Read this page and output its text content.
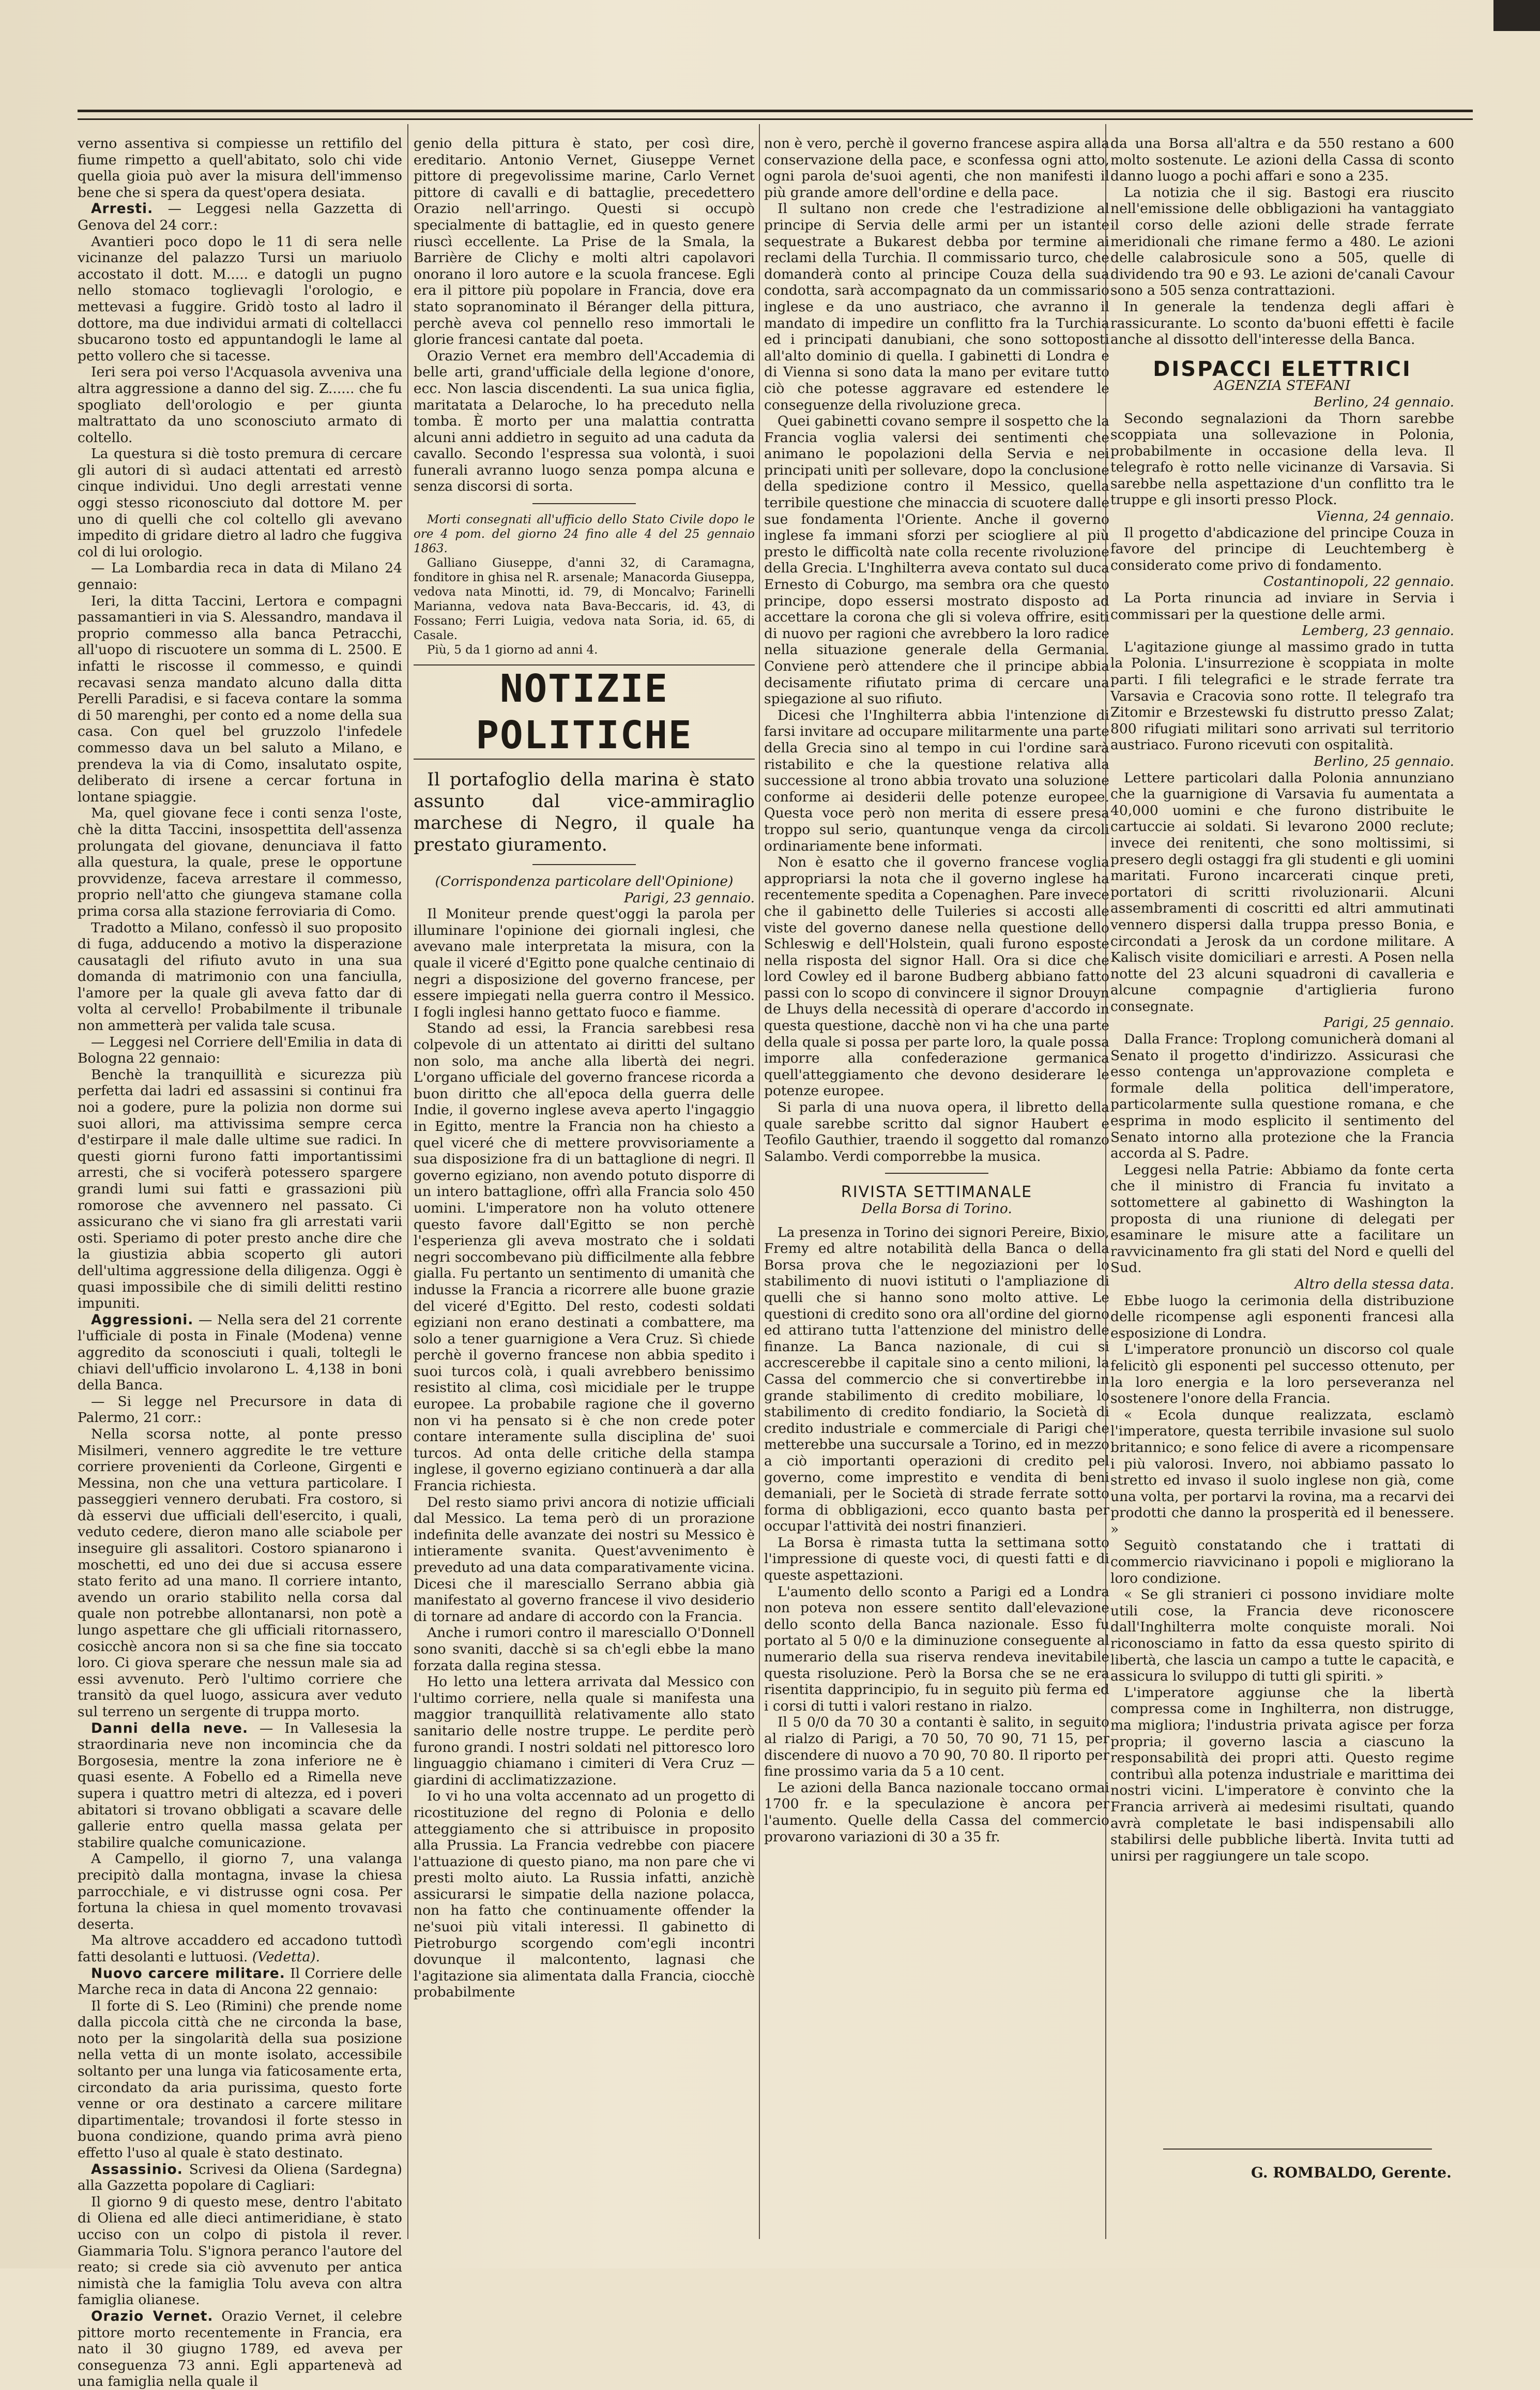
verno assentiva si compiesse un rettifilo del fiume rimpetto a quell'abitato, solo chi vide quella gioia può aver la misura dell'immenso bene che si spera da quest'opera desiata.

Arresti. — Leggesi nella Gazzetta di Genova del 24 corr.:

Avantieri poco dopo le 11 di sera nelle vicinanze del palazzo Tursi un mariuolo accostato il dott. M..... e datogli un pugno nello stomaco toglievagli l'orologio, e mettevasi a fuggire. Gridò tosto al ladro il dottore, ma due individui armati di coltellacci sbucarono tosto ed appuntandogli le lame al petto vollero che si tacesse.

Ieri sera poi verso l'Acquasola avveniva una altra aggressione a danno del sig. Z...... che fu spogliato dell'orologio e per giunta maltrattato da uno sconosciuto armato di coltello.

La questura si diè tosto premura di cercare gli autori di sì audaci attentati ed arrestò cinque individui. Uno degli arrestati venne oggi stesso riconosciuto dal dottore M. per uno di quelli che col coltello gli avevano impedito di gridare dietro al ladro che fuggiva col di lui orologio.

— La Lombardia reca in data di Milano 24 gennaio:

Ieri, la ditta Taccini, Lertora e compagni passamantieri in via S. Alessandro, mandava il proprio commesso alla banca Petracchi, all'uopo di riscuotere un somma di L. 2500. E infatti le riscosse il commesso, e quindi recavasi senza mandato alcuno dalla ditta Perelli Paradisi, e si faceva contare la somma di 50 marenghi, per conto ed a nome della sua casa. Con quel bel gruzzolo l'infedele commesso dava un bel saluto a Milano, e prendeva la via di Como, insalutato ospite, deliberato di irsene a cercar fortuna in lontane spiaggie.

Ma, quel giovane fece i conti senza l'oste, chè la ditta Taccini, insospettita dell'assenza prolungata del giovane, denunciava il fatto alla questura, la quale, prese le opportune provvidenze, faceva arrestare il commesso, proprio nell'atto che giungeva stamane colla prima corsa alla stazione ferroviaria di Como.

Tradotto a Milano, confessò il suo proposito di fuga, adducendo a motivo la disperazione causatagli del rifiuto avuto in una sua domanda di matrimonio con una fanciulla, l'amore per la quale gli aveva fatto dar di volta al cervello! Probabilmente il tribunale non ammetterà per valida tale scusa.

— Leggesi nel Corriere dell'Emilia in data di Bologna 22 gennaio:

Benchè la tranquillità e sicurezza più perfetta dai ladri ed assassini si continui fra noi a godere, pure la polizia non dorme sui suoi allori, ma attivissima sempre cerca d'estirpare il male dalle ultime sue radici. In questi giorni furono fatti importantissimi arresti, che si vociferà potessero spargere grandi lumi sui fatti e grassazioni più romorose che avvennero nel passato. Ci assicurano che vi siano fra gli arrestati varii osti. Speriamo di poter presto anche dire che la giustizia abbia scoperto gli autori dell'ultima aggressione della diligenza. Oggi è quasi impossibile che di simili delitti restino impuniti.

Aggressioni. — Nella sera del 21 corrente l'ufficiale di posta in Finale (Modena) venne aggredito da sconosciuti i quali, toltegli le chiavi dell'ufficio involarono L. 4,138 in boni della Banca.

— Si legge nel Precursore in data di Palermo, 21 corr.:

Nella scorsa notte, al ponte presso Misilmeri, vennero aggredite le tre vetture corriere provenienti da Corleone, Girgenti e Messina, non che una vettura particolare. I passeggieri vennero derubati. Fra costoro, si dà esservi due ufficiali dell'esercito, i quali, veduto cedere, dieron mano alle sciabole per inseguire gli assalitori. Costoro spianarono i moschetti, ed uno dei due si accusa essere stato ferito ad una mano. Il corriere intanto, avendo un orario stabilito nella corsa dal quale non potrebbe allontanarsi, non potè a lungo aspettare che gli ufficiali ritornassero, cosicchè ancora non si sa che fine sia toccato loro. Ci giova sperare che nessun male sia ad essi avvenuto. Però l'ultimo corriere che transitò da quel luogo, assicura aver veduto sul terreno un sergente di truppa morto.

Danni della neve. — In Vallesesia la straordinaria neve non incomincia che da Borgosesia, mentre la zona inferiore ne è quasi esente. A Fobello ed a Rimella neve supera i quattro metri di altezza, ed i poveri abitatori si trovano obbligati a scavare delle gallerie entro quella massa gelata per stabilire qualche comunicazione.

A Campello, il giorno 7, una valanga precipitò dalla montagna, invase la chiesa parrocchiale, e vi distrusse ogni cosa. Per fortuna la chiesa in quel momento trovavasi deserta.

Ma altrove accaddero ed accadono tuttodì fatti desolanti e luttuosi. (Vedetta).

Nuovo carcere militare. Il Corriere delle Marche reca in data di Ancona 22 gennaio:

Il forte di S. Leo (Rimini) che prende nome dalla piccola città che ne circonda la base, noto per la singolarità della sua posizione nella vetta di un monte isolato, accessibile soltanto per una lunga via faticosamente erta, circondato da aria purissima, questo forte venne or ora destinato a carcere militare dipartimentale; trovandosi il forte stesso in buona condizione, quando prima avrà pieno effetto l'uso al quale è stato destinato.

Assassinio. Scrivesi da Oliena (Sardegna) alla Gazzetta popolare di Cagliari:

Il giorno 9 di questo mese, dentro l'abitato di Oliena ed alle dieci antimeridiane, è stato ucciso con un colpo di pistola il rever. Giammaria Tolu. S'ignora peranco l'autore del reato; si crede sia ciò avvenuto per antica nimistà che la famiglia Tolu aveva con altra famiglia olianese.

Orazio Vernet. Orazio Vernet, il celebre pittore morto recentemente in Francia, era nato il 30 giugno 1789, ed aveva per conseguenza 73 anni. Egli appartenevà ad una famiglia nella quale il

genio della pittura è stato, per così dire, ereditario. Antonio Vernet, Giuseppe Vernet pittore di pregevolissime marine, Carlo Vernet pittore di cavalli e di battaglie, precedettero Orazio nell'arringo. Questi si occupò specialmente di battaglie, ed in questo genere riuscì eccellente. La Prise de la Smala, la Barrière de Clichy e molti altri capolavori onorano il loro autore e la scuola francese. Egli era il pittore più popolare in Francia, dove era stato sopranominato il Béranger della pittura, perchè aveva col pennello reso immortali le glorie francesi cantate dal poeta.

Orazio Vernet era membro dell'Accademia di belle arti, grand'ufficiale della legione d'onore, ecc. Non lascia discendenti. La sua unica figlia, maritatata a Delaroche, lo ha preceduto nella tomba. È morto per una malattia contratta alcuni anni addietro in seguito ad una caduta da cavallo. Secondo l'espressa sua volontà, i suoi funerali avranno luogo senza pompa alcuna e senza discorsi di sorta.

Morti consegnati all'ufficio dello Stato Civile dopo le ore 4 pom. del giorno 24 fino alle 4 del 25 gennaio 1863.

Galliano Giuseppe, d'anni 32, di Caramagna, fonditore in ghisa nel R. arsenale; Manacorda Giuseppa, vedova nata Minotti, id. 79, di Moncalvo; Farinelli Marianna, vedova nata Bava-Beccaris, id. 43, di Fossano; Ferri Luigia, vedova nata Soria, id. 65, di Casale.

Più, 5 da 1 giorno ad anni 4.

NOTIZIE POLITICHE

Il portafoglio della marina è stato assunto dal vice-ammiraglio marchese di Negro, il quale ha prestato giuramento.

(Corrispondenza particolare dell'Opinione)

Parigi, 23 gennaio.

Il Moniteur prende quest'oggi la parola per illuminare l'opinione dei giornali inglesi, che avevano male interpretata la misura, con la quale il viceré d'Egitto pone qualche centinaio di negri a disposizione del governo francese, per essere impiegati nella guerra contro il Messico. I fogli inglesi hanno gettato fuoco e fiamme.

Stando ad essi, la Francia sarebbesi resa colpevole di un attentato ai diritti del sultano non solo, ma anche alla libertà dei negri. L'organo ufficiale del governo francese ricorda a buon diritto che all'epoca della guerra delle Indie, il governo inglese aveva aperto l'ingaggio in Egitto, mentre la Francia non ha chiesto a quel viceré che di mettere provvisoriamente a sua disposizione fra di un battaglione di negri. Il governo egiziano, non avendo potuto disporre di un intero battaglione, offrì alla Francia solo 450 uomini. L'imperatore non ha voluto ottenere questo favore dall'Egitto se non perchè l'esperienza gli aveva mostrato che i soldati negri soccombevano più difficilmente alla febbre gialla. Fu pertanto un sentimento di umanità che indusse la Francia a ricorrere alle buone grazie del viceré d'Egitto. Del resto, codesti soldati egiziani non erano destinati a combattere, ma solo a tener guarnigione a Vera Cruz. Sì chiede perchè il governo francese non abbia spedito i suoi turcos colà, i quali avrebbero benissimo resistito al clima, così micidiale per le truppe europee. La probabile ragione che il governo non vi ha pensato si è che non crede poter contare interamente sulla disciplina de' suoi turcos. Ad onta delle critiche della stampa inglese, il governo egiziano continuerà a dar alla Francia richiesta.

Del resto siamo privi ancora di notizie ufficiali dal Messico. La tema però di un prorazione indefinita delle avanzate dei nostri su Messico è intieramente svanita. Quest'avvenimento è preveduto ad una data comparativamente vicina. Dicesi che il maresciallo Serrano abbia già manifestato al governo francese il vivo desiderio di tornare ad andare di accordo con la Francia.

Anche i rumori contro il maresciallo O'Donnell sono svaniti, dacchè si sa ch'egli ebbe la mano forzata dalla regina stessa.

Ho letto una lettera arrivata dal Messico con l'ultimo corriere, nella quale si manifesta una maggior tranquillità relativamente allo stato sanitario delle nostre truppe. Le perdite però furono grandi. I nostri soldati nel pittoresco loro linguaggio chiamano i cimiteri di Vera Cruz — giardini di acclimatizzazione.

Io vi ho una volta accennato ad un progetto di ricostituzione del regno di Polonia e dello atteggiamento che si attribuisce in proposito alla Prussia. La Francia vedrebbe con piacere l'attuazione di questo piano, ma non pare che vi presti molto aiuto. La Russia infatti, anzichè assicurarsi le simpatie della nazione polacca, non ha fatto che continuamente offender la ne'suoi più vitali interessi. Il gabinetto di Pietroburgo scorgendo com'egli incontri dovunque il malcontento, lagnasi che l'agitazione sia alimentata dalla Francia, ciocchè probabilmente

non è vero, perchè il governo francese aspira alla conservazione della pace, e sconfessa ogni atto, ogni parola de'suoi agenti, che non manifesti il più grande amore dell'ordine e della pace.

Il sultano non crede che l'estradizione al principe di Servia delle armi per un istante sequestrate a Bukarest debba por termine ai reclami della Turchia. Il commissario turco, che domanderà conto al principe Couza della sua condotta, sarà accompagnato da un commissario inglese e da uno austriaco, che avranno il mandato di impedire un conflitto fra la Turchia ed i principati danubiani, che sono sottoposti all'alto dominio di quella. I gabinetti di Londra e di Vienna si sono data la mano per evitare tutto ciò che potesse aggravare ed estendere le conseguenze della rivoluzione greca.

Quei gabinetti covano sempre il sospetto che la Francia voglia valersi dei sentimenti che animano le popolazioni della Servia e nei principati unitì per sollevare, dopo la conclusione della spedizione contro il Messico, quella terribile questione che minaccia di scuotere dalle sue fondamenta l'Oriente. Anche il governo inglese fa immani sforzi per sciogliere al più presto le difficoltà nate colla recente rivoluzione della Grecia. L'Inghilterra aveva contato sul duca Ernesto di Coburgo, ma sembra ora che questo principe, dopo essersi mostrato disposto ad accettare la corona che gli si voleva offrire, esiti di nuovo per ragioni che avrebbero la loro radice nella situazione generale della Germania. Conviene però attendere che il principe abbia decisamente rifiutato prima di cercare una spiegazione al suo rifiuto.

Dicesi che l'Inghilterra abbia l'intenzione di farsi invitare ad occupare militarmente una parte della Grecia sino al tempo in cui l'ordine sarà ristabilito e che la questione relativa alla successione al trono abbia trovato una soluzione conforme ai desiderii delle potenze europee. Questa voce però non merita di essere presa troppo sul serio, quantunque venga da circoli ordinariamente bene informati.

Non è esatto che il governo francese voglia appropriarsi la nota che il governo inglese ha recentemente spedita a Copenaghen. Pare invece che il gabinetto delle Tuileries si accosti alle viste del governo danese nella questione dello Schleswig e dell'Holstein, quali furono esposte nella risposta del signor Hall. Ora si dice che lord Cowley ed il barone Budberg abbiano fatto passi con lo scopo di convincere il signor Drouyn de Lhuys della necessità di operare d'accordo in questa questione, dacchè non vi ha che una parte della quale si possa per parte loro, la quale possa imporre alla confederazione germanica quell'atteggiamento che devono desiderare le potenze europee.

Si parla di una nuova opera, il libretto della quale sarebbe scritto dal signor Haubert e Teofilo Gauthier, traendo il soggetto dal romanzo Salambo. Verdi comporrebbe la musica.

RIVISTA SETTIMANALE

Della Borsa di Torino.

La presenza in Torino dei signori Pereire, Bixio, Fremy ed altre notabilità della Banca o della Borsa prova che le negoziazioni per lo stabilimento di nuovi istituti o l'ampliazione di quelli che si hanno sono molto attive. Le questioni di credito sono ora all'ordine del giorno ed attirano tutta l'attenzione del ministro delle finanze. La Banca nazionale, di cui si accrescerebbe il capitale sino a cento milioni, la Cassa del commercio che si convertirebbe in grande stabilimento di credito mobiliare, lo stabilimento di credito fondiario, la Società di credito industriale e commerciale di Parigi che metterebbe una succursale a Torino, ed in mezzo a ciò importanti operazioni di credito pel governo, come imprestito e vendita di beni demaniali, per le Società di strade ferrate sotto forma di obbligazioni, ecco quanto basta per occupar l'attività dei nostri finanzieri.

La Borsa è rimasta tutta la settimana sotto l'impressione di queste voci, di questi fatti e di queste aspettazioni.

L'aumento dello sconto a Parigi ed a Londra non poteva non essere sentito dall'elevazione dello sconto della Banca nazionale. Esso fu portato al 5 0/0 e la diminuzione conseguente al numerario della sua riserva rendeva inevitabile questa risoluzione. Però la Borsa che se ne era risentita dapprincipio, fu in seguito più ferma ed i corsi di tutti i valori restano in rialzo.

Il 5 0/0 da 70 30 a contanti è salito, in seguito al rialzo di Parigi, a 70 50, 70 90, 71 15, per discendere di nuovo a 70 90, 70 80. Il riporto per fine prossimo varia da 5 a 10 cent.

Le azioni della Banca nazionale toccano ormai 1700 fr. e la speculazione è ancora per l'aumento. Quelle della Cassa del commercio provarono variazioni di 30 a 35 fr.

da una Borsa all'altra e da 550 restano a 600 molto sostenute. Le azioni della Cassa di sconto danno luogo a pochi affari e sono a 235.

La notizia che il sig. Bastogi era riuscito nell'emissione delle obbligazioni ha vantaggiato il corso delle azioni delle strade ferrate meridionali che rimane fermo a 480. Le azioni delle calabrosicule sono a 505, quelle di dividendo tra 90 e 93. Le azioni de'canali Cavour sono a 505 senza contrattazioni.

In generale la tendenza degli affari è rassicurante. Lo sconto da'buoni effetti è facile anche al dissotto dell'interesse della Banca.

DISPACCI ELETTRICI

AGENZIA STEFANI

Berlino, 24 gennaio.

Secondo segnalazioni da Thorn sarebbe scoppiata una sollevazione in Polonia, probabilmente in occasione della leva. Il telegrafo è rotto nelle vicinanze di Varsavia. Si sarebbe nella aspettazione d'un conflitto tra le truppe e gli insorti presso Plock.

Vienna, 24 gennaio.

Il progetto d'abdicazione del principe Couza in favore del principe di Leuchtemberg è considerato come privo di fondamento.

Costantinopoli, 22 gennaio.

La Porta rinuncia ad inviare in Servia i commissari per la questione delle armi.

Lemberg, 23 gennaio.

L'agitazione giunge al massimo grado in tutta la Polonia. L'insurrezione è scoppiata in molte parti. I fili telegrafici e le strade ferrate tra Varsavia e Cracovia sono rotte. Il telegrafo tra Zitomir e Brzestewski fu distrutto presso Zalat; 800 rifugiati militari sono arrivati sul territorio austriaco. Furono ricevuti con ospitalità.

Berlino, 25 gennaio.

Lettere particolari dalla Polonia annunziano che la guarnigione di Varsavia fu aumentata a 40,000 uomini e che furono distribuite le cartuccie ai soldati. Si levarono 2000 reclute; invece dei renitenti, che sono moltissimi, si presero degli ostaggi fra gli studenti e gli uomini maritati. Furono incarcerati cinque preti, portatori di scritti rivoluzionarii. Alcuni assembramenti di coscritti ed altri ammutinati vennero dispersi dalla truppa presso Bonia, e circondati a Jerosk da un cordone militare. A Kalisch visite domiciliari e arresti. A Posen nella notte del 23 alcuni squadroni di cavalleria e alcune compagnie d'artiglieria furono consegnate.

Parigi, 25 gennaio.

Dalla France: Troplong comunicherà domani al Senato il progetto d'indirizzo. Assicurasi che esso contenga un'approvazione completa e formale della politica dell'imperatore, particolarmente sulla questione romana, e che esprima in modo esplicito il sentimento del Senato intorno alla protezione che la Francia accorda al S. Padre.

Leggesi nella Patrie: Abbiamo da fonte certa che il ministro di Francia fu invitato a sottomettere al gabinetto di Washington la proposta di una riunione di delegati per esaminare le misure atte a facilitare un ravvicinamento fra gli stati del Nord e quelli del Sud.

Altro della stessa data.

Ebbe luogo la cerimonia della distribuzione delle ricompense agli esponenti francesi alla esposizione di Londra.

L'imperatore pronunciò un discorso col quale felicitò gli esponenti pel successo ottenuto, per la loro energia e la loro perseveranza nel sostenere l'onore della Francia.

« Ecola dunque realizzata, esclamò l'imperatore, questa terribile invasione sul suolo britannico; e sono felice di avere a ricompensare i più valorosi. Invero, noi abbiamo passato lo stretto ed invaso il suolo inglese non già, come una volta, per portarvi la rovina, ma a recarvi dei prodotti che danno la prosperità ed il benessere. »

Seguitò constatando che i trattati di commercio riavvicinano i popoli e migliorano la loro condizione.

« Se gli stranieri ci possono invidiare molte utili cose, la Francia deve riconoscere dall'Inghilterra molte conquiste morali. Noi riconosciamo in fatto da essa questo spirito di libertà, che lascia un campo a tutte le capacità, e assicura lo sviluppo di tutti gli spiriti. »

L'imperatore aggiunse che la libertà compressa come in Inghilterra, non distrugge, ma migliora; l'industria privata agisce per forza propria; il governo lascia a ciascuno la responsabilità dei propri atti. Questo regime contribuì alla potenza industriale e marittima dei nostri vicini. L'imperatore è convinto che la Francia arriverà ai medesimi risultati, quando avrà completate le basi indispensabili allo stabilirsi delle pubbliche libertà. Invita tutti ad unirsi per raggiungere un tale scopo.

G. ROMBALDO, Gerente.
